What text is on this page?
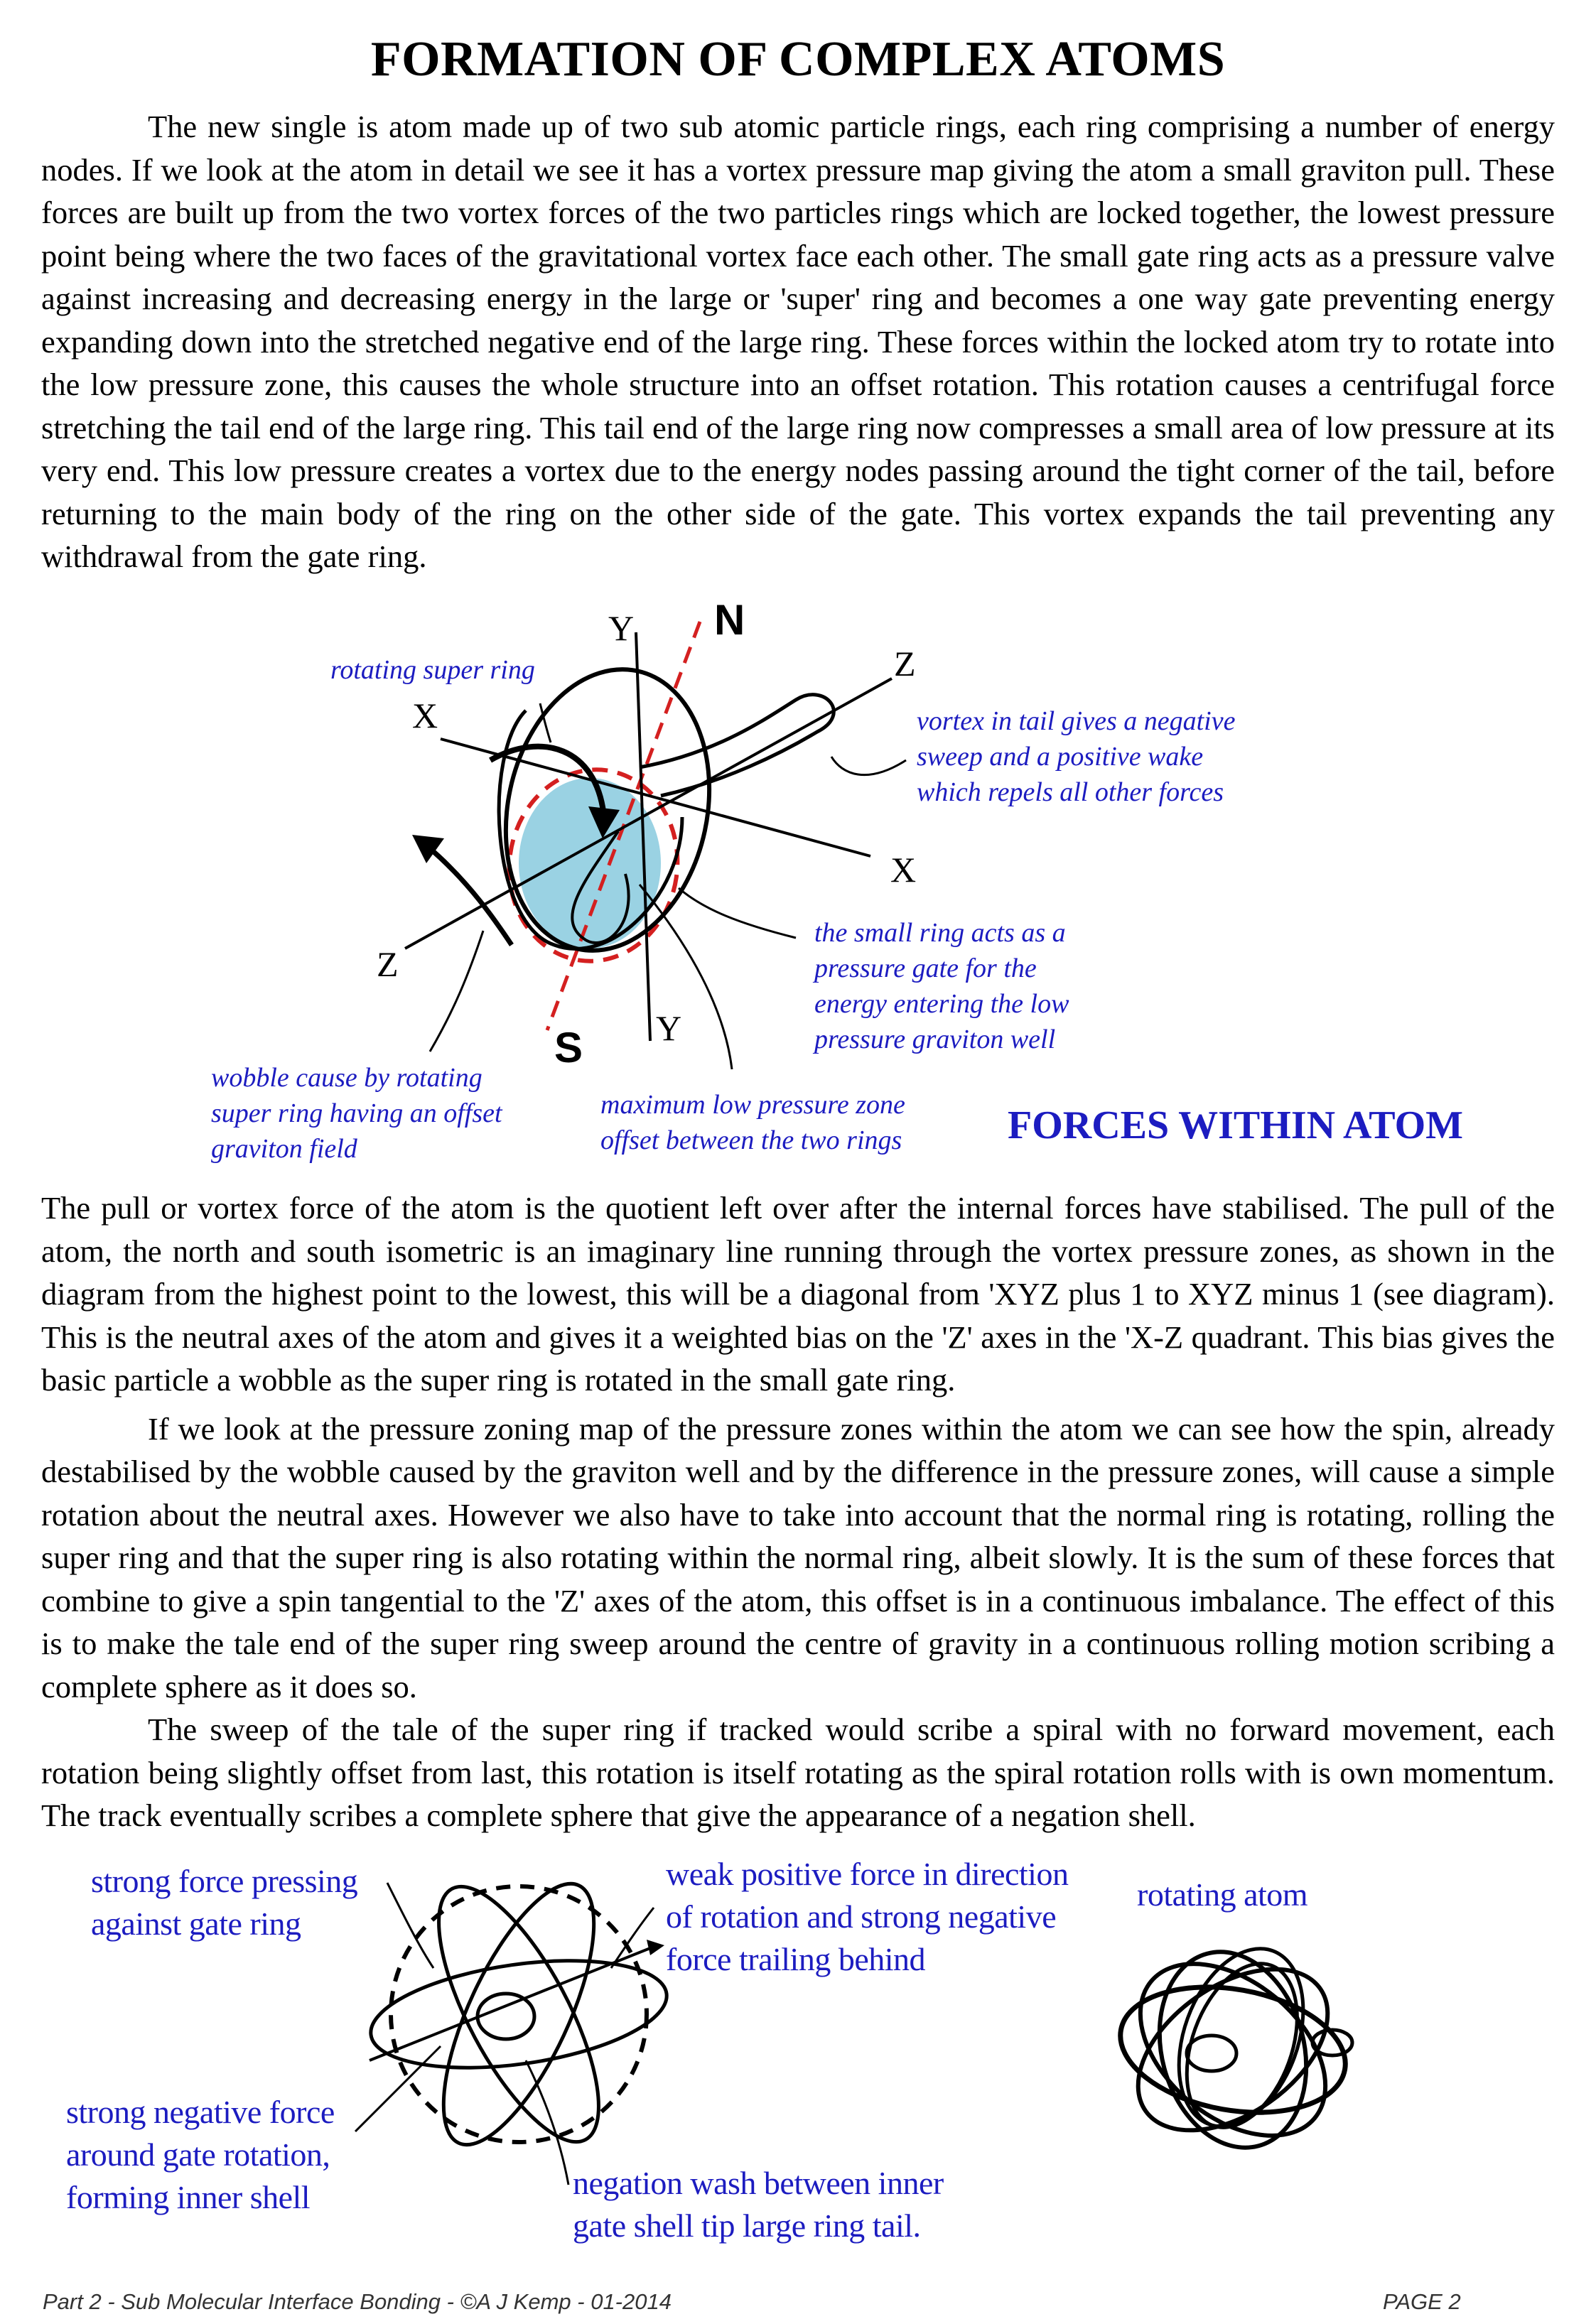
FORMATION OF COMPLEX ATOMS

The new single is atom made up of two sub atomic particle rings, each ring comprising a number of energy nodes. If we look at the atom in detail we see it has a vortex pressure map giving the atom a small graviton pull. These forces are built up from the two vortex forces of the two particles rings which are locked together, the lowest pressure point being where the two faces of the gravitational vortex face each other. The small gate ring acts as a pressure valve against increasing and decreasing energy in the large or 'super' ring and becomes a one way gate preventing energy expanding down into the stretched negative end of the large ring. These forces within the locked atom try to rotate into the low pressure zone, this causes the whole structure into an offset rotation. This rotation causes a centrifugal force stretching the tail end of the large ring. This tail end of the large ring now compresses a small area of low pressure at its very end. This low pressure creates a vortex due to the energy nodes passing around the tight corner of the tail, before returning to the main body of the ring on the other side of the gate. This vortex expands the tail preventing any withdrawal from the gate ring.

Y N
X
Z
X
Z
Y
S
rotating super ring
vortex in tail gives a negative
sweep and a positive wake
which repels all other forces
the small ring acts as a
pressure gate for the
energy entering the low
pressure graviton well
wobble cause by rotating
super ring having an offset
graviton field
maximum low pressure zone
offset between the two rings	FORCES WITHIN ATOM

The pull or vortex force of the atom is the quotient left over after the internal forces have stabilised. The pull of the atom, the north and south isometric is an imaginary line running through the vortex pressure zones, as shown in the diagram from the highest point to the lowest, this will be a diagonal from 'XYZ plus 1 to XYZ minus 1 (see diagram). This is the neutral axes of the atom and gives it a weighted bias on the 'Z' axes in the 'X-Z quadrant. This bias gives the basic particle a wobble as the super ring is rotated in the small gate ring.

If we look at the pressure zoning map of the pressure zones within the atom we can see how the spin, already destabilised by the wobble caused by the graviton well and by the difference in the pressure zones, will cause a simple rotation about the neutral axes. However we also have to take into account that the normal ring is rotating, rolling the super ring and that the super ring is also rotating within the normal ring, albeit slowly. It is the sum of these forces that combine to give a spin tangential to the 'Z' axes of the atom, this offset is in a continuous imbalance. The effect of this is to make the tale end of the super ring sweep around the centre of gravity in a continuous rolling motion scribing a complete sphere as it does so.

The sweep of the tale of the super ring if tracked would scribe a spiral with no forward movement, each rotation being slightly offset from last, this rotation is itself rotating as the spiral rotation rolls with is own momentum. The track eventually scribes a complete sphere that give the appearance of a negation shell.

strong force pressing
against gate ring
weak positive force in direction
of rotation and strong negative
force trailing behind
rotating atom
strong negative force
around gate rotation,
forming inner shell	negation wash between inner
gate shell tip large ring tail.
Part 2 - Sub Molecular Interface Bonding - ©A J Kemp - 01-2014	PAGE 2
